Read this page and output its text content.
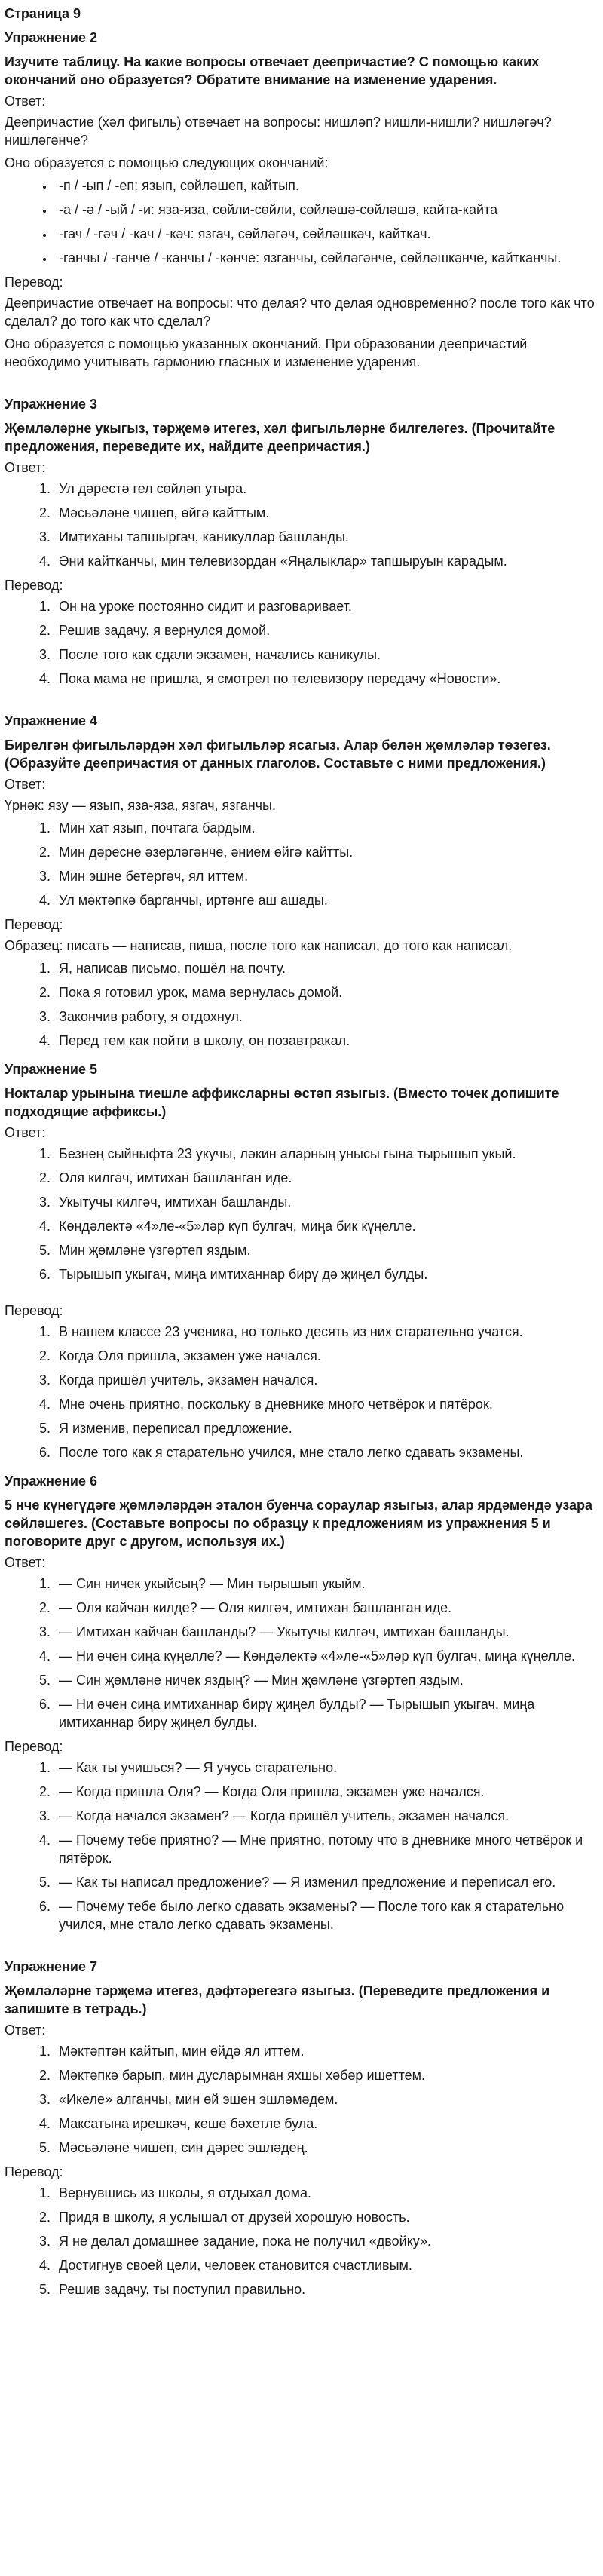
Страница 9
Упражнение 2
Изучите таблицу. На какие вопросы отвечает деепричастие? С помощью каких окончаний оно образуется? Обратите внимание на изменение ударения.
Ответ:

Деепричастие (хәл фигыль) отвечает на вопросы: нишләп? нишли-нишли? нишләгәч? нишләгәнче?

Оно образуется с помощью следующих окончаний:

• -п / -ып / -еп: язып, сөйләшеп, кайтып.
• -а / -ә / -ый / -и: яза-яза, сөйли-сөйли, сөйләшә-сөйләшә, кайта-кайта
• -гач / -гәч / -кач / -кәч: язгач, сөйләгәч, сөйләшкәч, кайткач.
• -ганчы / -гәнче / -канчы / -кәнче: язганчы, сөйләгәнче, сөйләшкәнче, кайтканчы.
Перевод:

Деепричастие отвечает на вопросы: что делая? что делая одновременно? после того как что сделал? до того как что сделал?

Оно образуется с помощью указанных окончаний. При образовании деепричастий необходимо учитывать гармонию гласных и изменение ударения.

Упражнение 3
Җөмләләрне укыгыз, тәрҗемә итегез, хәл фигыльләрне билгеләгез. (Прочитайте предложения, переведите их, найдите деепричастия.)
Ответ:
1. Ул дәрестә гел сөйләп утыра.
2. Мәсьәләне чишеп, өйгә кайттым.
3. Имтиханы тапшыргач, каникуллар башланды.
4. Әни кайтканчы, мин телевизордан «Яңалыклар» тапшыруын карадым.
Перевод:
1. Он на уроке постоянно сидит и разговаривает.
2. Решив задачу, я вернулся домой.
3. После того как сдали экзамен, начались каникулы.
4. Пока мама не пришла, я смотрел по телевизору передачу «Новости».
Упражнение 4
Бирелгән фигыльләрдән хәл фигыльләр ясагыз. Алар белән җөмләләр төзегез. (Образуйте деепричастия от данных глаголов. Составьте с ними предложения.)
Ответ:

Үрнәк: язу — язып, яза-яза, язгач, язганчы.

1. Мин хат язып, почтага бардым.
2. Мин дәресне әзерләгәнче, әнием өйгә кайтты.
3. Мин эшне бетергәч, ял иттем.
4. Ул мәктәпкә барганчы, иртәнге аш ашады.
Перевод:

Образец: писать — написав, пиша, после того как написал, до того как написал.

1. Я, написав письмо, пошёл на почту.
2. Пока я готовил урок, мама вернулась домой.
3. Закончив работу, я отдохнул.
4. Перед тем как пойти в школу, он позавтракал.
Упражнение 5
Нокталар урынына тиешле аффиксларны өстәп языгыз. (Вместо точек допишите подходящие аффиксы.)
Ответ:
1. Безнең сыйныфта 23 укучы, ләкин аларның унысы гына тырышып укый.
2. Оля килгәч, имтихан башланган иде.
3. Укытучы килгәч, имтихан башланды.
4. Көндәлектә «4»ле-«5»ләр күп булгач, миңа бик күңелле.
5. Мин җөмләне үзгәртеп яздым.
6. Тырышып укыгач, миңа имтиханнар бирү дә җиңел булды.
Перевод:
1. В нашем классе 23 ученика, но только десять из них старательно учатся.
2. Когда Оля пришла, экзамен уже начался.
3. Когда пришёл учитель, экзамен начался.
4. Мне очень приятно, поскольку в дневнике много четвёрок и пятёрок.
5. Я изменив, переписал предложение.
6. После того как я старательно учился, мне стало легко сдавать экзамены.
Упражнение 6
5 нче күнегүдәге җөмләләрдән эталон буенча сораулар языгыз, алар ярдәмендә узара сөйләшегез. (Составьте вопросы по образцу к предложениям из упражнения 5 и поговорите друг с другом, используя их.)
Ответ:
1. — Син ничек укыйсың? — Мин тырышып укыйм.
2. — Оля кайчан килде? — Оля килгәч, имтихан башланган иде.
3. — Имтихан кайчан башланды? — Укытучы килгәч, имтихан башланды.
4. — Ни өчен сиңа күңелле? — Көндәлектә «4»ле-«5»ләр күп булгач, миңа күңелле.
5. — Син җөмләне ничек яздың? — Мин җөмләне үзгәртеп яздым.
6. — Ни өчен сиңа имтиханнар бирү җиңел булды? — Тырышып укыгач, миңа имтиханнар бирү җиңел булды.
Перевод:
1. — Как ты учишься? — Я учусь старательно.
2. — Когда пришла Оля? — Когда Оля пришла, экзамен уже начался.
3. — Когда начался экзамен? — Когда пришёл учитель, экзамен начался.
4. — Почему тебе приятно? — Мне приятно, потому что в дневнике много четвёрок и пятёрок.
5. — Как ты написал предложение? — Я изменил предложение и переписал его.
6. — Почему тебе было легко сдавать экзамены? — После того как я старательно учился, мне стало легко сдавать экзамены.
Упражнение 7
Җөмләләрне тәрҗемә итегез, дәфтәрегезгә языгыз. (Переведите предложения и запишите в тетрадь.)
Ответ:
1. Мәктәптән кайтып, мин өйдә ял иттем.
2. Мәктәпкә барып, мин дусларымнан яхшы хәбәр ишеттем.
3. «Икеле» алганчы, мин өй эшен эшләмәдем.
4. Максатына ирешкәч, кеше бәхетле була.
5. Мәсьәләне чишеп, син дәрес эшләдең.
Перевод:
1. Вернувшись из школы, я отдыхал дома.
2. Придя в школу, я услышал от друзей хорошую новость.
3. Я не делал домашнее задание, пока не получил «двойку».
4. Достигнув своей цели, человек становится счастливым.
5. Решив задачу, ты поступил правильно.
